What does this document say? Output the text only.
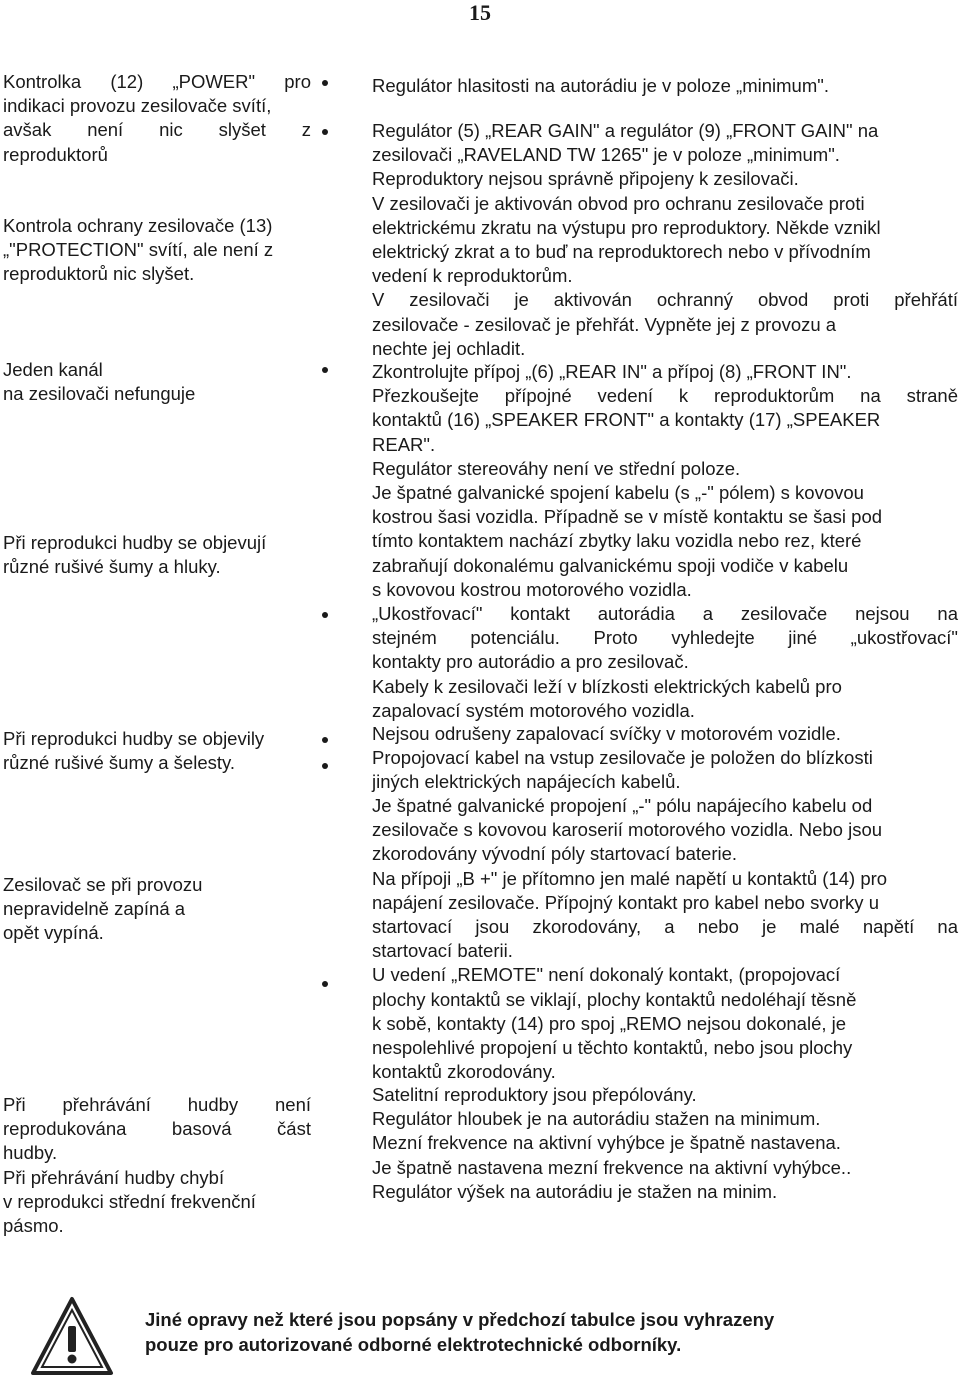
15
Kontrolka (12) „POWER" pro
indikaci provozu zesilovače svítí,
avšak není nic slyšet z
reproduktorů
Kontrola ochrany zesilovače (13)
„"PROTECTION" svítí, ale není z
reproduktorů nic slyšet.
Jeden kanál
na zesilovači nefunguje
Při reprodukci hudby se objevují
různé rušivé šumy a hluky.
Při reprodukci hudby se objevily
různé rušivé šumy a šelesty.
Zesilovač se při provozu
nepravidelně zapíná a
opět vypíná.
Při přehrávání hudby není
reprodukována basová část
hudby.
Při přehrávání hudby chybí
v reprodukci střední frekvenční
pásmo.
Regulátor hlasitosti na autorádiu je v poloze „minimum".
Regulátor (5) „REAR GAIN" a regulátor (9) „FRONT GAIN" na
zesilovači „RAVELAND TW 1265" je v poloze „minimum".
Reproduktory nejsou správně připojeny k zesilovači.
V zesilovači je aktivován obvod pro ochranu zesilovače proti
elektrickému zkratu na výstupu pro reproduktory. Někde vznikl
elektrický zkrat a to buď na reproduktorech nebo v přívodním
vedení k reproduktorům.
V zesilovači je aktivován ochranný obvod proti přehřátí
zesilovače - zesilovač je přehřát. Vypněte jej z provozu a
nechte jej ochladit.
Zkontrolujte přípoj „(6) „REAR IN" a přípoj (8) „FRONT IN".
Přezkoušejte přípojné vedení k reproduktorům na straně
kontaktů (16) „SPEAKER FRONT" a kontakty (17) „SPEAKER
REAR".
Regulátor stereováhy není ve střední poloze.
Je špatné galvanické spojení kabelu (s „-" pólem) s kovovou
kostrou šasi vozidla. Případně se v místě kontaktu se šasi pod
tímto kontaktem nachází zbytky laku vozidla nebo rez, které
zabraňují dokonalému galvanickému spoji vodiče v kabelu
s kovovou kostrou motorového vozidla.
„Ukostřovací" kontakt autorádia a zesilovače nejsou na
stejném potenciálu. Proto vyhledejte jiné „ukostřovací"
kontakty pro autorádio a pro zesilovač.
Kabely k zesilovači leží v blízkosti elektrických kabelů pro
zapalovací systém motorového vozidla.
Nejsou odrušeny zapalovací svíčky v motorovém vozidle.
Propojovací kabel na vstup zesilovače je položen do blízkosti
jiných elektrických napájecích kabelů.
Je špatné galvanické propojení „-" pólu napájecího kabelu od
zesilovače s kovovou karoserií motorového vozidla. Nebo jsou
zkorodovány vývodní póly startovací baterie.
Na přípoji „B +" je přítomno jen malé napětí u kontaktů (14) pro
napájení zesilovače. Přípojný kontakt pro kabel nebo svorky u
startovací jsou zkorodovány, a nebo je malé napětí na
startovací baterii.
U vedení „REMOTE" není dokonalý kontakt, (propojovací
plochy kontaktů se viklají, plochy kontaktů nedoléhají těsně
k sobě, kontakty (14) pro spoj „REMO nejsou dokonalé, je
nespolehlivé propojení u těchto kontaktů, nebo jsou plochy
kontaktů zkorodovány.
Satelitní reproduktory jsou přepólovány.
Regulátor hloubek je na autorádiu stažen na minimum.
Mezní frekvence na aktivní vyhýbce je špatně nastavena.
Je špatně nastavena mezní frekvence na aktivní vyhýbce..
Regulátor výšek na autorádiu je stažen na minim.
Jiné opravy než které jsou popsány v předchozí tabulce jsou vyhrazeny
pouze pro autorizované odborné elektrotechnické odborníky.
